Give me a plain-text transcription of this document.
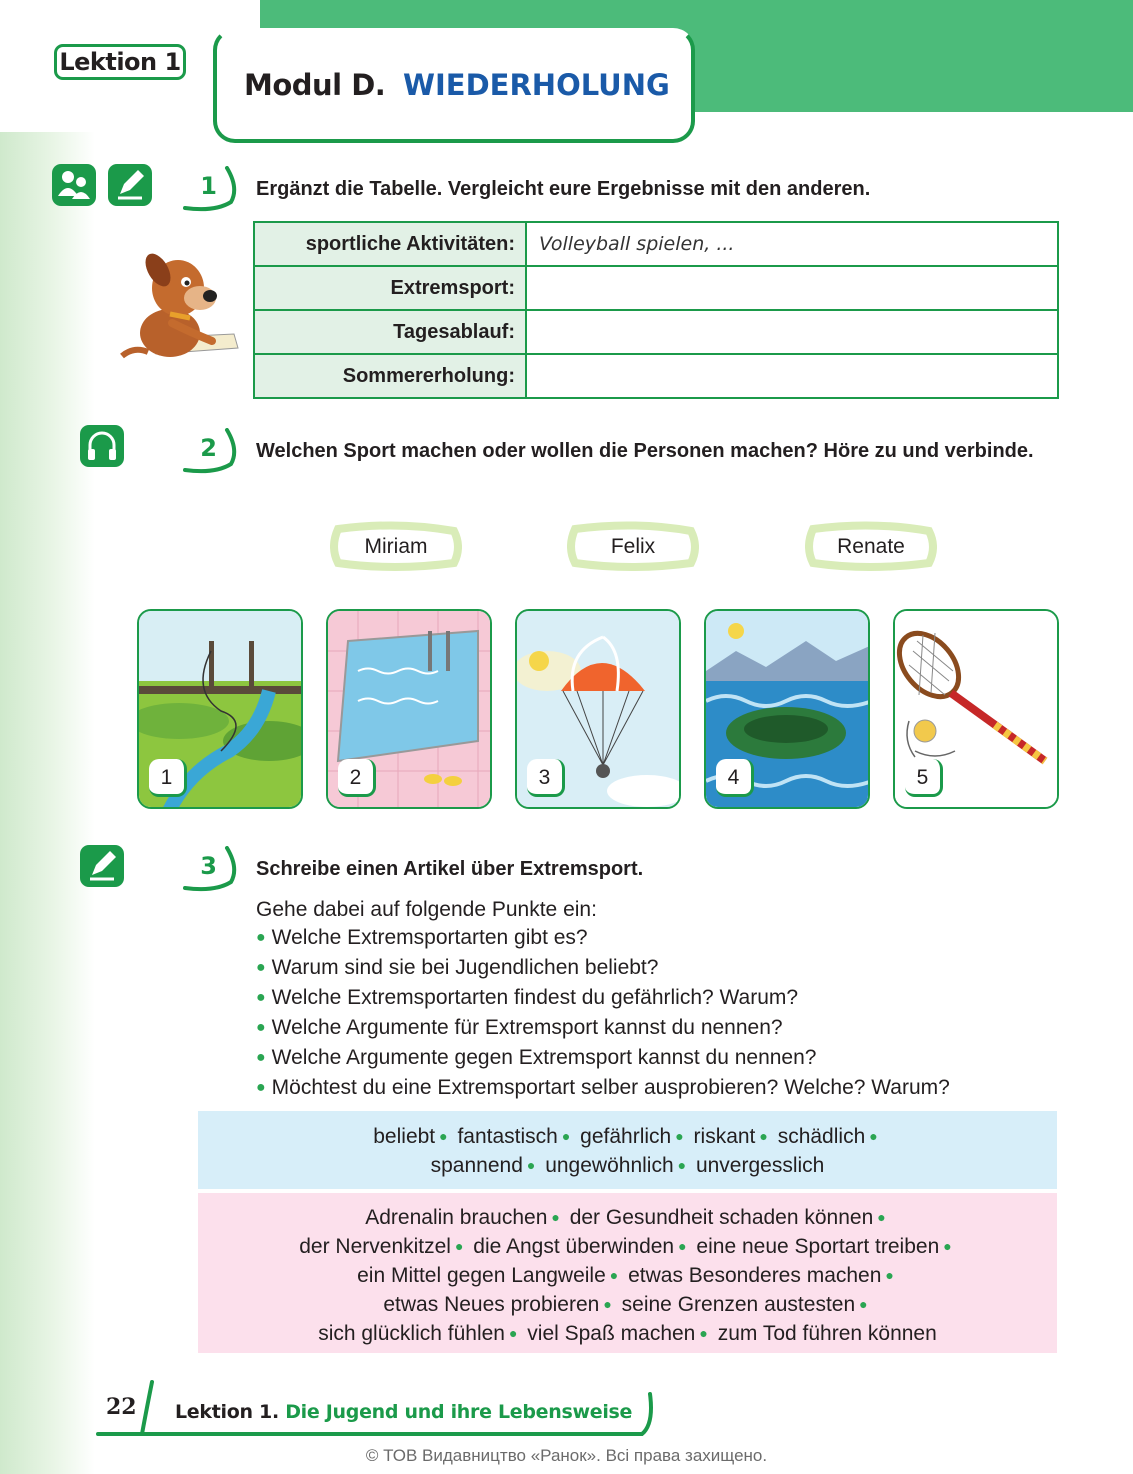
Lektion 1
Modul D. WIEDERHOLUNG
1	Ergänzt die Tabelle. Vergleicht eure Ergebnisse mit den anderen.
sportliche Aktivitäten:	Volleyball spielen, ...
Extremsport:	
Tagesablauf:	
Sommererholung:	
2	Welchen Sport machen oder wollen die Personen machen? Höre zu und verbinde.
Miriam	Felix	Renate
1	2	3	4	5
3	Schreibe einen Artikel über Extremsport.
Gehe dabei auf folgende Punkte ein:
● Welche Extremsportarten gibt es?
● Warum sind sie bei Jugendlichen beliebt?
● Welche Extremsportarten findest du gefährlich? Warum?
● Welche Argumente für Extremsport kannst du nennen?
● Welche Argumente gegen Extremsport kannst du nennen?
● Möchtest du eine Extremsportart selber ausprobieren? Welche? Warum?
beliebt ● fantastisch ● gefährlich ● riskant ● schädlich ●
spannend ● ungewöhnlich ● unvergesslich
Adrenalin brauchen ● der Gesundheit schaden können ●
der Nervenkitzel ● die Angst überwinden ● eine neue Sportart treiben ●
ein Mittel gegen Langweile ● etwas Besonderes machen ●
etwas Neues probieren ● seine Grenzen austesten ●
sich glücklich fühlen ● viel Spaß machen ● zum Tod führen können
22 Lektion 1. Die Jugend und ihre Lebensweise
© ТОВ Видавництво «Ранок». Всі права захищено.
